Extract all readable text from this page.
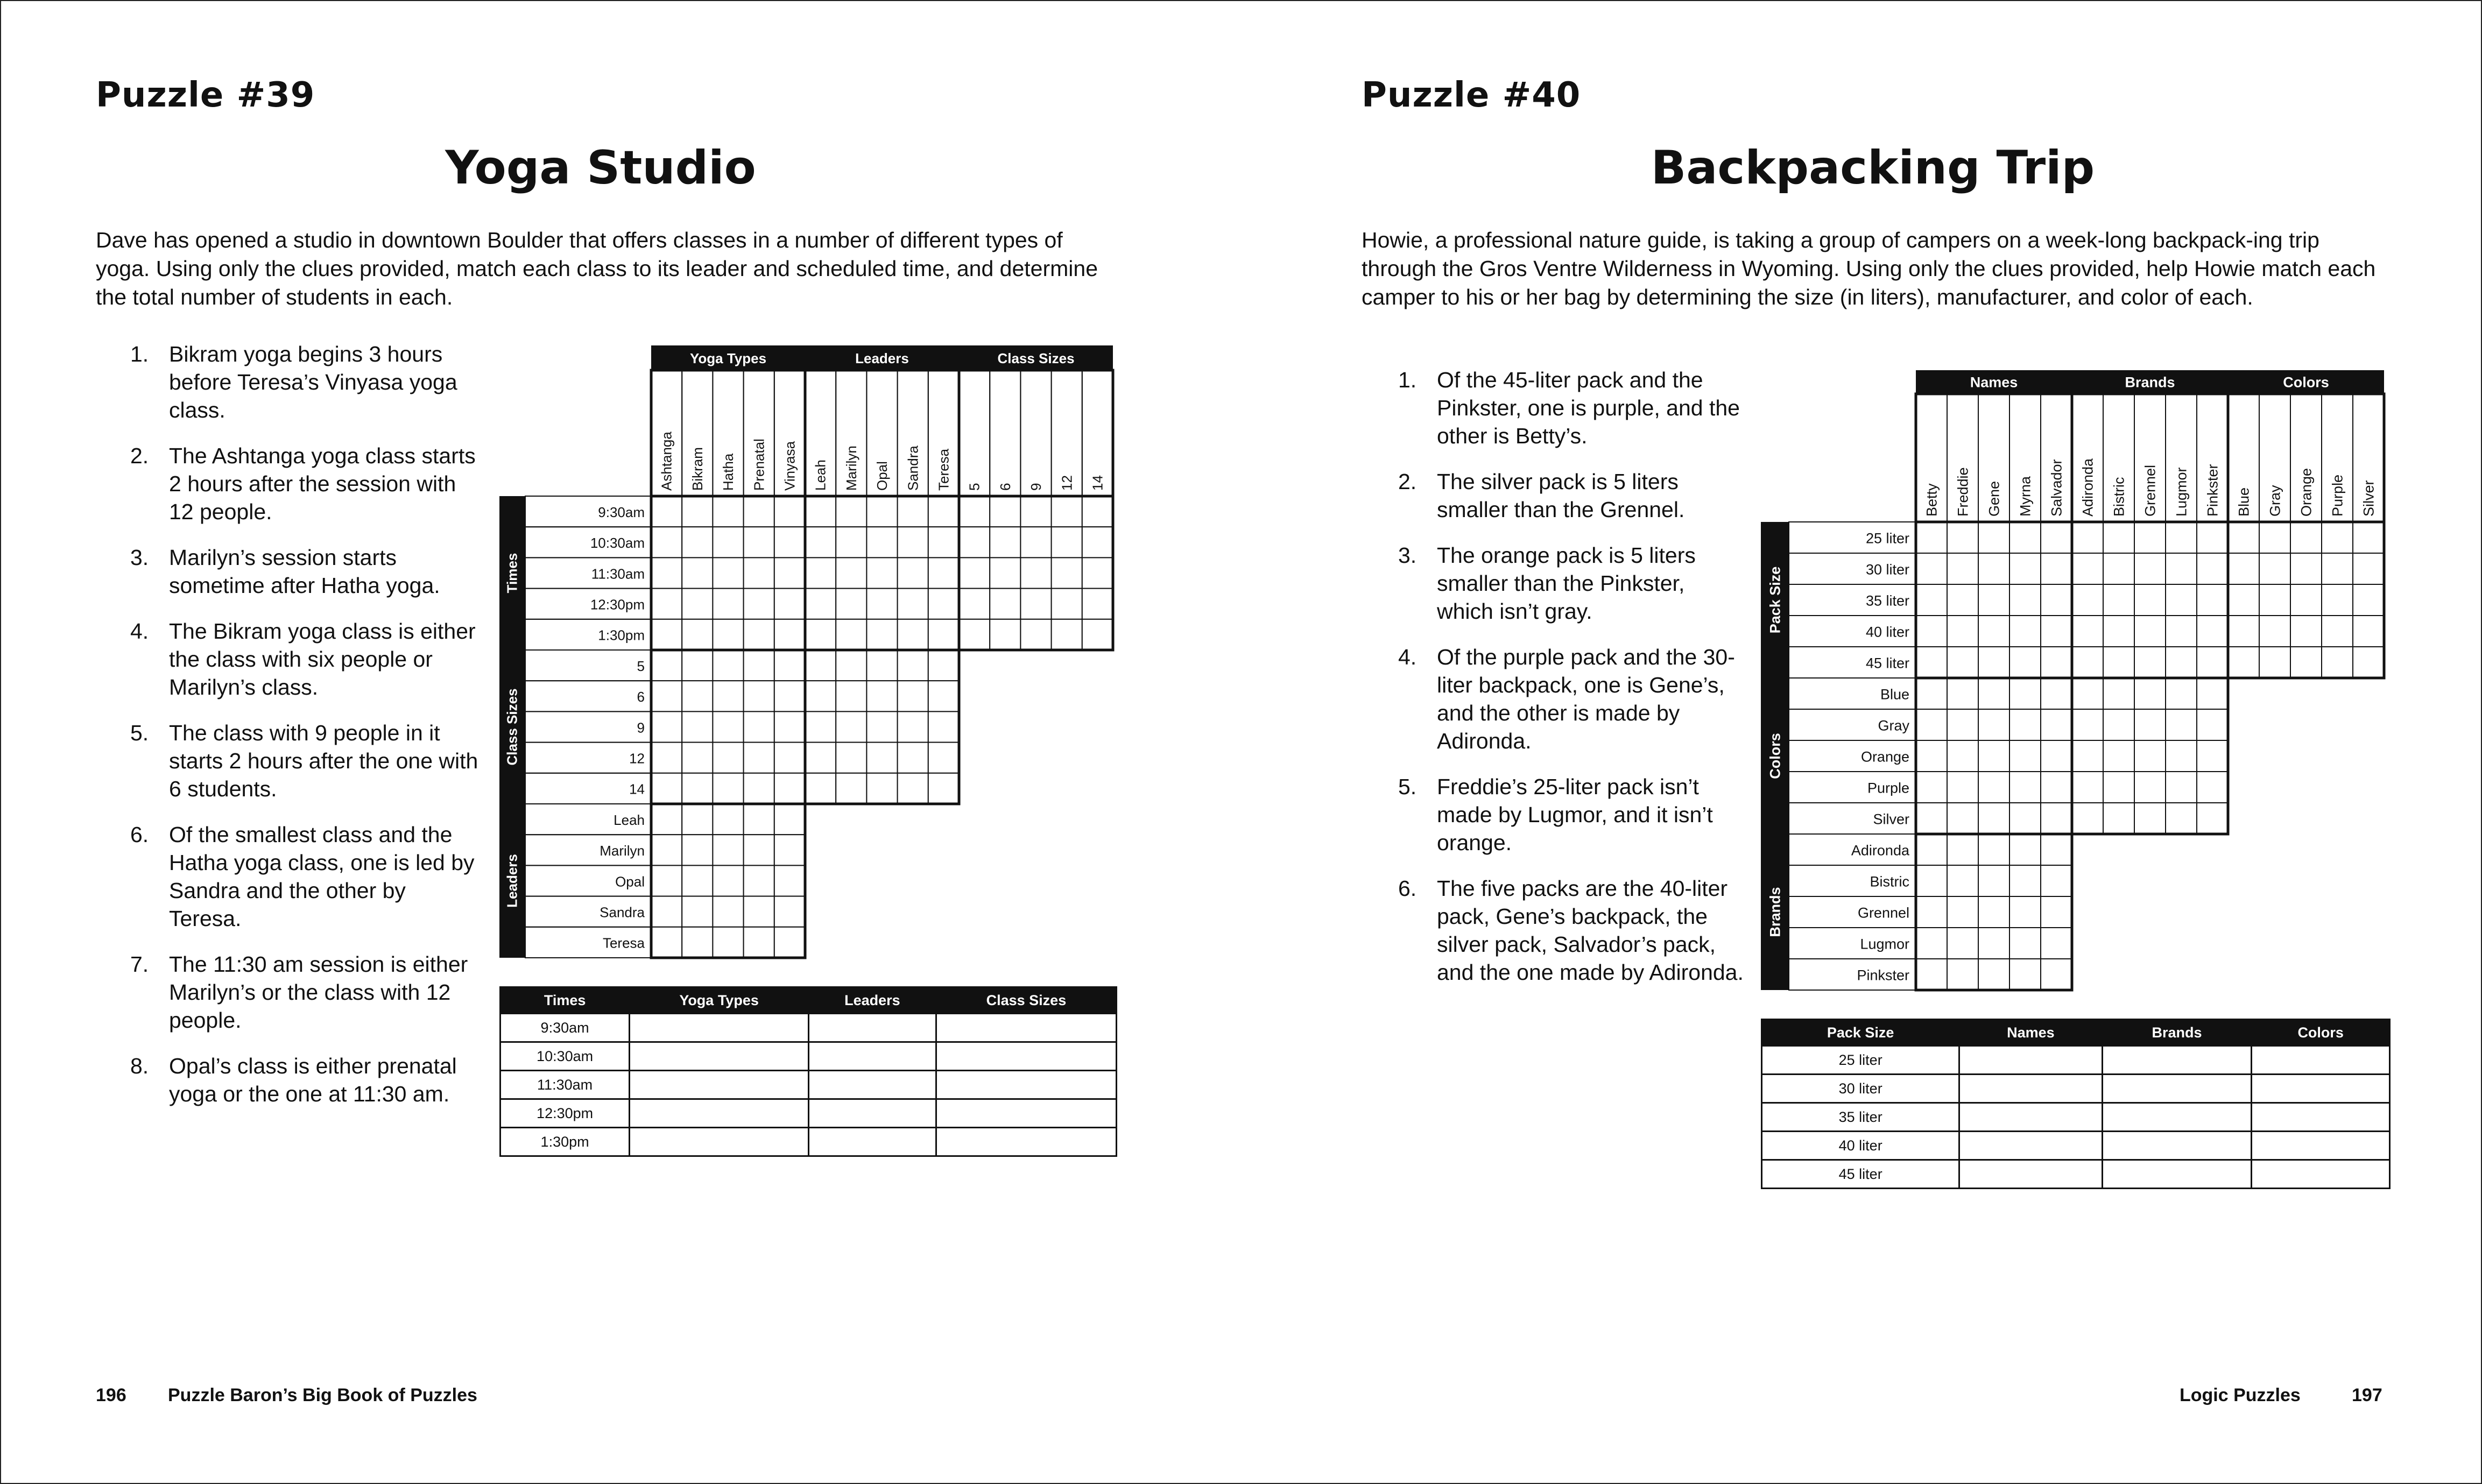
Puzzle #39
Yoga Studio

Dave has opened a studio in downtown Boulder that offers classes in a number of different types of yoga. Using only the clues provided, match each class to its leader and scheduled time, and determine the total number of students in each.

1. Bikram yoga begins 3 hours before Teresa’s Vinyasa yoga class.
2. The Ashtanga yoga class starts 2 hours after the session with 12 people.
3. Marilyn’s session starts sometime after Hatha yoga.
4. The Bikram yoga class is either the class with six people or Marilyn’s class.
5. The class with 9 people in it starts 2 hours after the one with 6 students.
6. Of the smallest class and the Hatha yoga class, one is led by Sandra and the other by Teresa.
7. The 11:30 am session is either Marilyn’s or the class with 12 people.
8. Opal’s class is either prenatal yoga or the one at 11:30 am.
Yoga Types
Ashtanga Bikram Hatha Prenatal Vinyasa
Leaders
Leah Marilyn Opal Sandra Teresa
Class Sizes
5 6 9 12 14
Times
9:30am
10:30am
11:30am
12:30pm
1:30pm
Class Sizes
5
6
9
12
14
Leaders
Leah
Marilyn
Opal
Sandra
Teresa
Times	Yoga Types	Leaders	Class Sizes
9:30am			
10:30am			
11:30am			
12:30pm			
1:30pm			
196 Puzzle Baron’s Big Book of Puzzles
Puzzle #40
Backpacking Trip

Howie, a professional nature guide, is taking a group of campers on a week-long backpack-ing trip through the Gros Ventre Wilderness in Wyoming. Using only the clues provided, help Howie match each camper to his or her bag by determining the size (in liters), manufacturer, and color of each.

1. Of the 45-liter pack and the Pinkster, one is purple, and the other is Betty’s.
2. The silver pack is 5 liters smaller than the Grennel.
3. The orange pack is 5 liters smaller than the Pinkster, which isn’t gray.
4. Of the purple pack and the 30-liter backpack, one is Gene’s, and the other is made by Adironda.
5. Freddie’s 25-liter pack isn’t made by Lugmor, and it isn’t orange.
6. The five packs are the 40-liter pack, Gene’s backpack, the silver pack, Salvador’s pack, and the one made by Adironda.
Names
Betty Freddie Gene Myrna Salvador
Brands
Adironda Bistric Grennel Lugmor Pinkster
Colors
Blue Gray Orange Purple Silver
Pack Size
25 liter
30 liter
35 liter
40 liter
45 liter
Colors
Blue
Gray
Orange
Purple
Silver
Brands
Adironda
Bistric
Grennel
Lugmor
Pinkster
Pack Size	Names	Brands	Colors
25 liter			
30 liter			
35 liter			
40 liter			
45 liter			
Logic Puzzles	197
